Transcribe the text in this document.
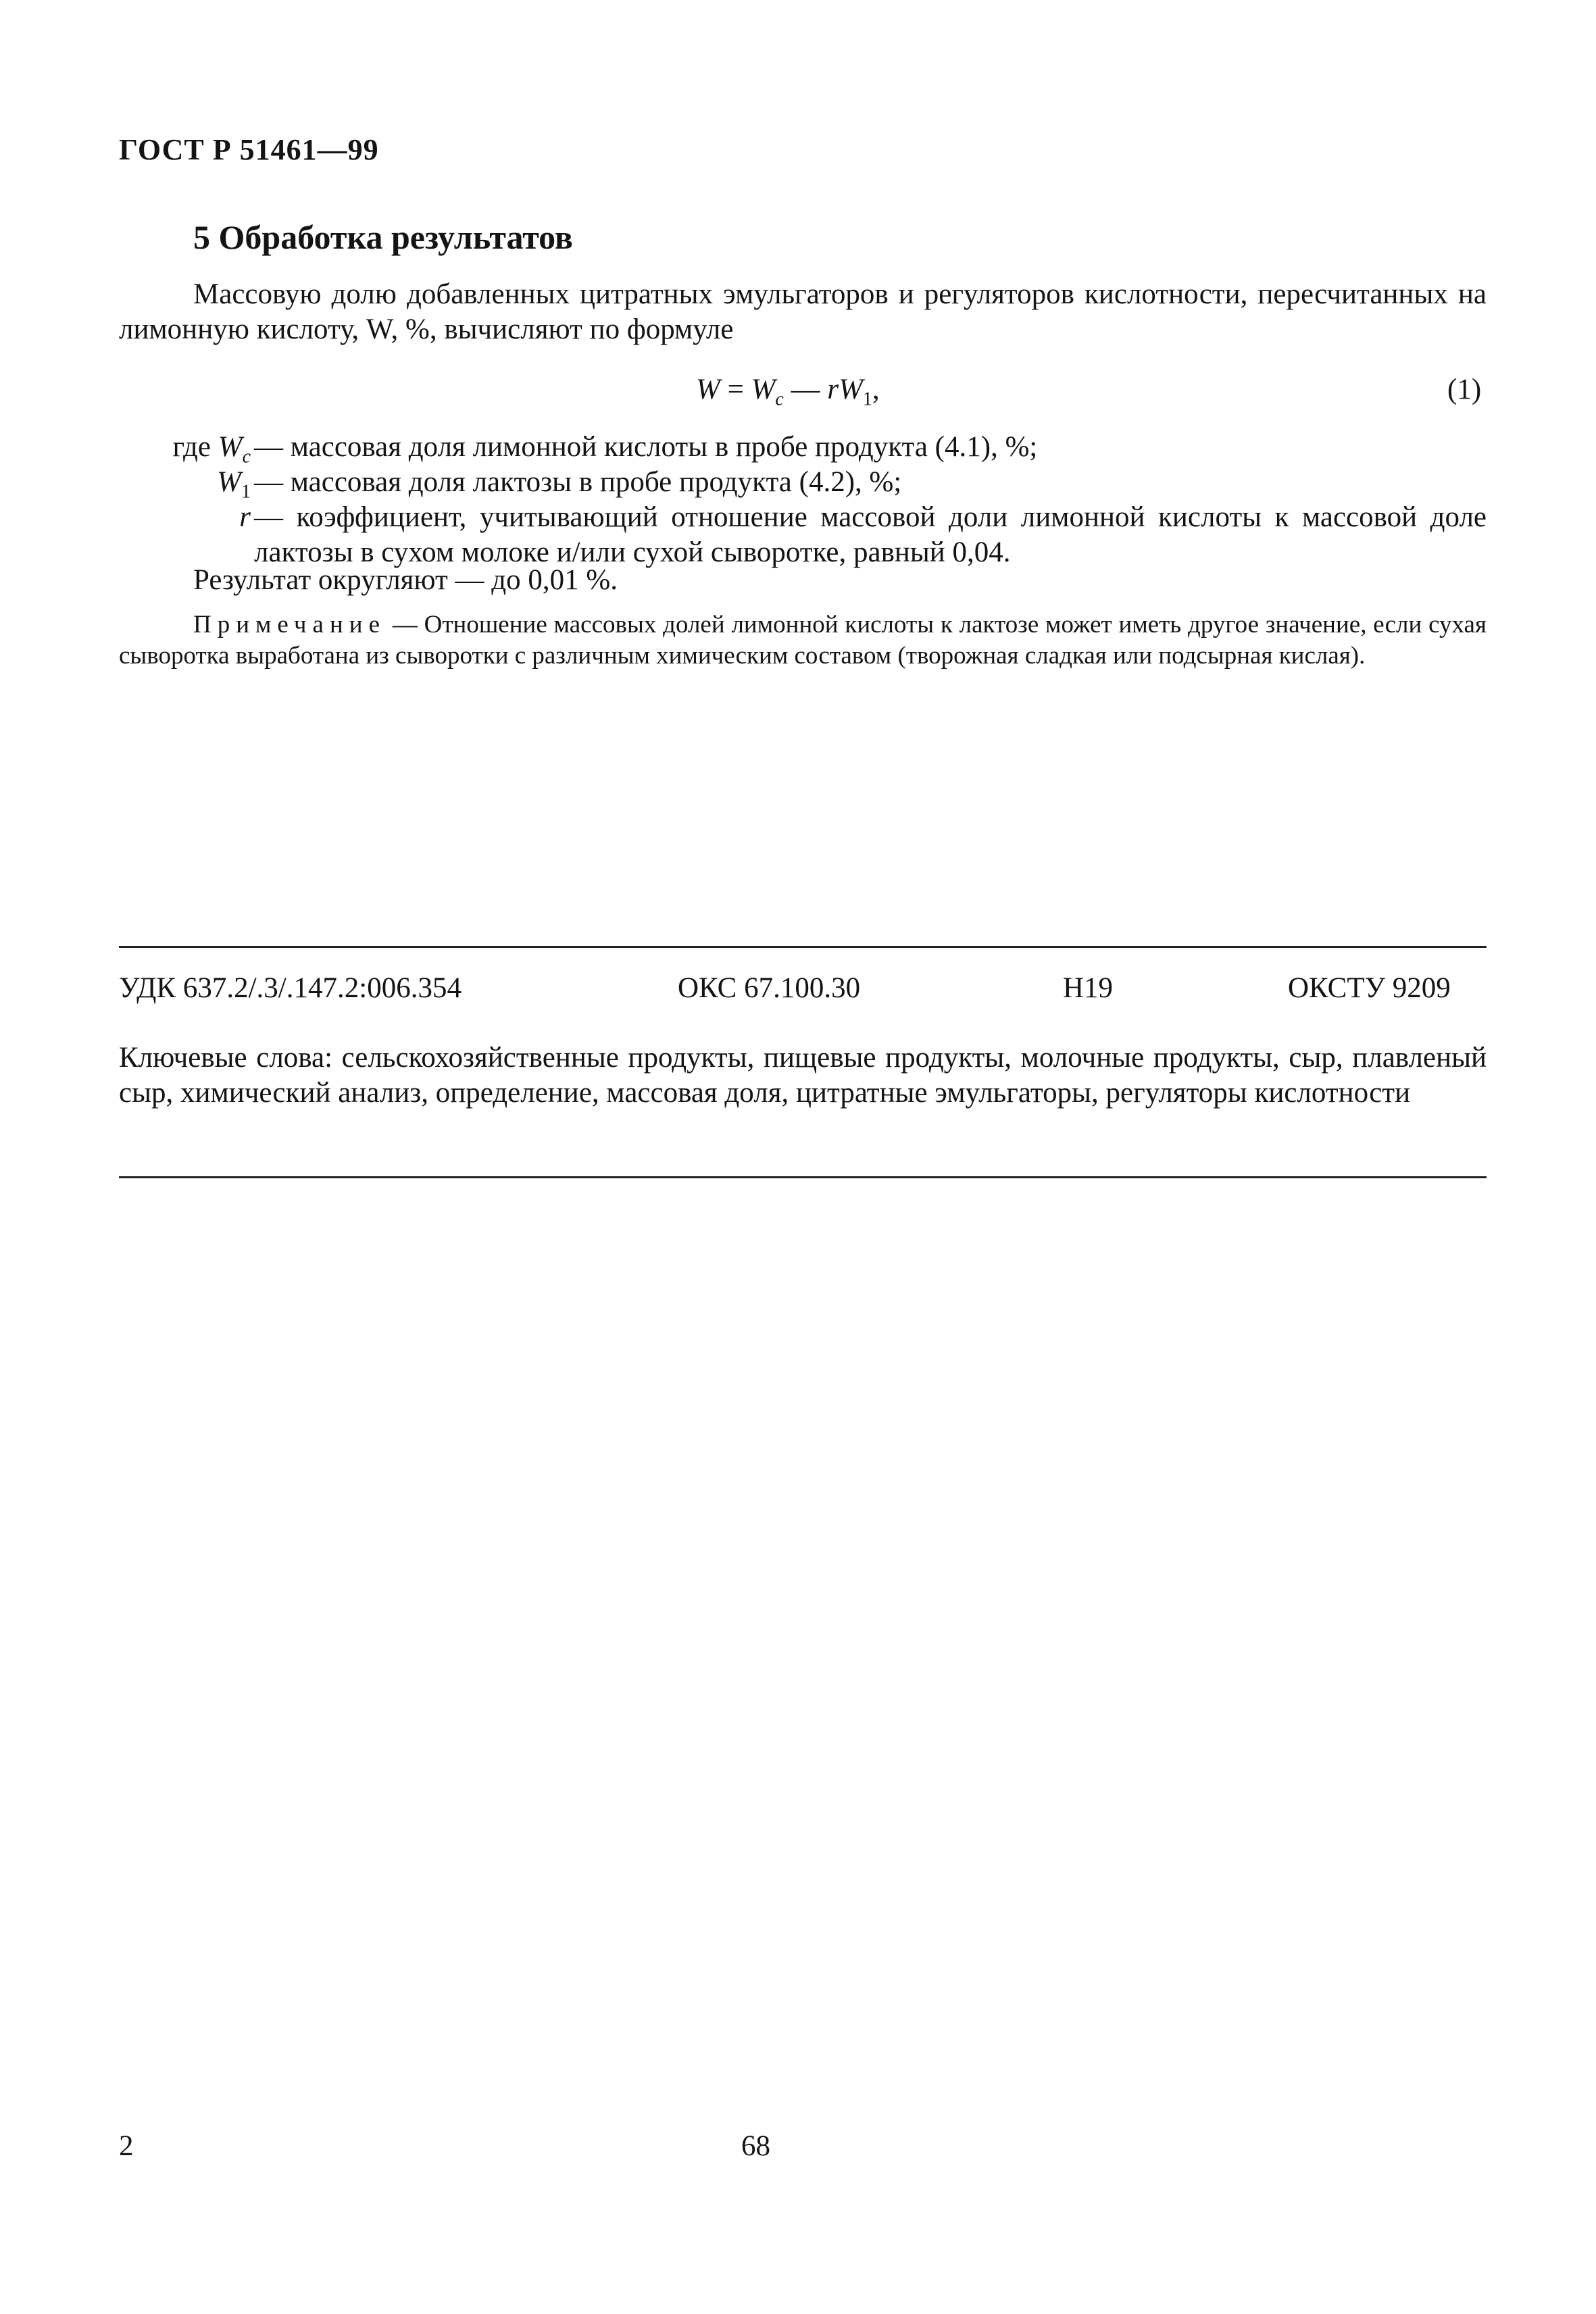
ГОСТ Р 51461—99
5 Обработка результатов
Массовую долю добавленных цитратных эмульгаторов и регуляторов кислотности, пересчитанных на лимонную кислоту, W, %, вычисляют по формуле
$W = W_c$ — $rW_1$,	(1)
где $W_c$ — массовая доля лимонной кислоты в пробе продукта (4.1), %;
$W_1$ — массовая доля лактозы в пробе продукта (4.2), %;
r — коэффициент, учитывающий отношение массовой доли лимонной кислоты к массовой доле лактозы в сухом молоке и/или сухой сыворотке, равный 0,04.
Результат округляют — до 0,01 %.
Примечание — Отношение массовых долей лимонной кислоты к лактозе может иметь другое значение, если сухая сыворотка выработана из сыворотки с различным химическим составом (творожная сладкая или подсырная кислая).
УДК 637.2/.3/.147.2:006.354	ОКС 67.100.30	Н19	ОКСТУ 9209
Ключевые слова: сельскохозяйственные продукты, пищевые продукты, молочные продукты, сыр, плавленый сыр, химический анализ, определение, массовая доля, цитратные эмульгаторы, регуляторы кислотности
2	68
